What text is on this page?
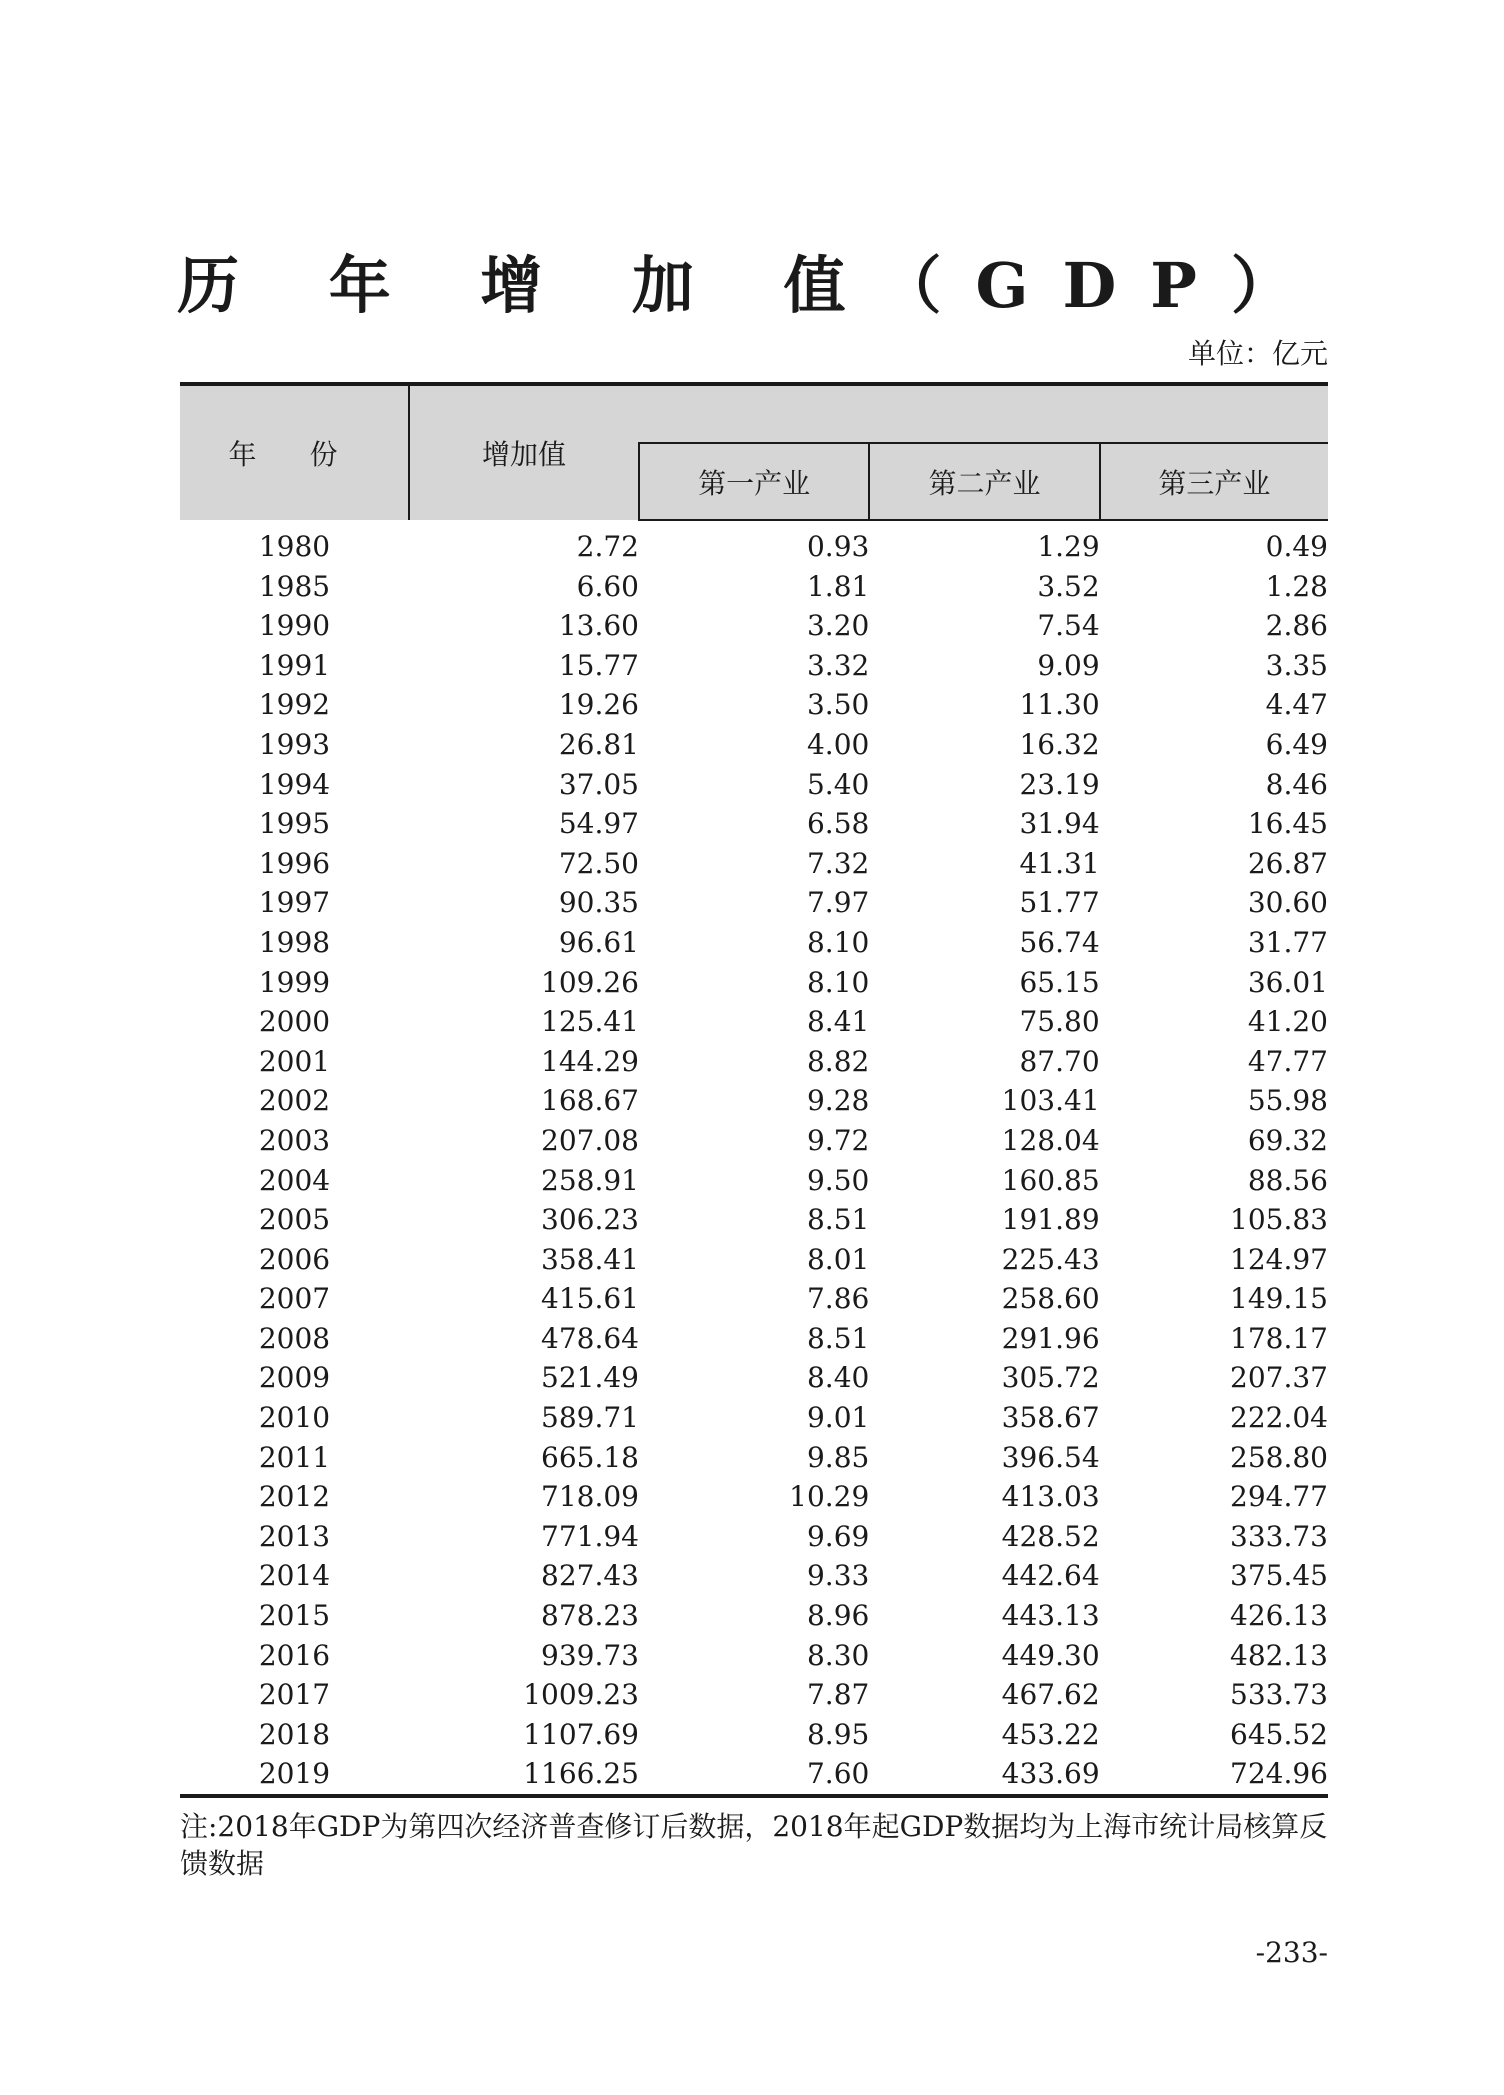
历 年 增 加 值（GDP）

单位：亿元

年 份	增加值			
		第一产业	第二产业	第三产业
1980	2.72	0.93	1.29	0.49
1985	6.60	1.81	3.52	1.28
1990	13.60	3.20	7.54	2.86
1991	15.77	3.32	9.09	3.35
1992	19.26	3.50	11.30	4.47
1993	26.81	4.00	16.32	6.49
1994	37.05	5.40	23.19	8.46
1995	54.97	6.58	31.94	16.45
1996	72.50	7.32	41.31	26.87
1997	90.35	7.97	51.77	30.60
1998	96.61	8.10	56.74	31.77
1999	109.26	8.10	65.15	36.01
2000	125.41	8.41	75.80	41.20
2001	144.29	8.82	87.70	47.77
2002	168.67	9.28	103.41	55.98
2003	207.08	9.72	128.04	69.32
2004	258.91	9.50	160.85	88.56
2005	306.23	8.51	191.89	105.83
2006	358.41	8.01	225.43	124.97
2007	415.61	7.86	258.60	149.15
2008	478.64	8.51	291.96	178.17
2009	521.49	8.40	305.72	207.37
2010	589.71	9.01	358.67	222.04
2011	665.18	9.85	396.54	258.80
2012	718.09	10.29	413.03	294.77
2013	771.94	9.69	428.52	333.73
2014	827.43	9.33	442.64	375.45
2015	878.23	8.96	443.13	426.13
2016	939.73	8.30	449.30	482.13
2017	1009.23	7.87	467.62	533.73
2018	1107.69	8.95	453.22	645.52
2019	1166.25	7.60	433.69	724.96

注:2018年GDP为第四次经济普查修订后数据，2018年起GDP数据均为上海市统计局核算反馈数据

-233-
